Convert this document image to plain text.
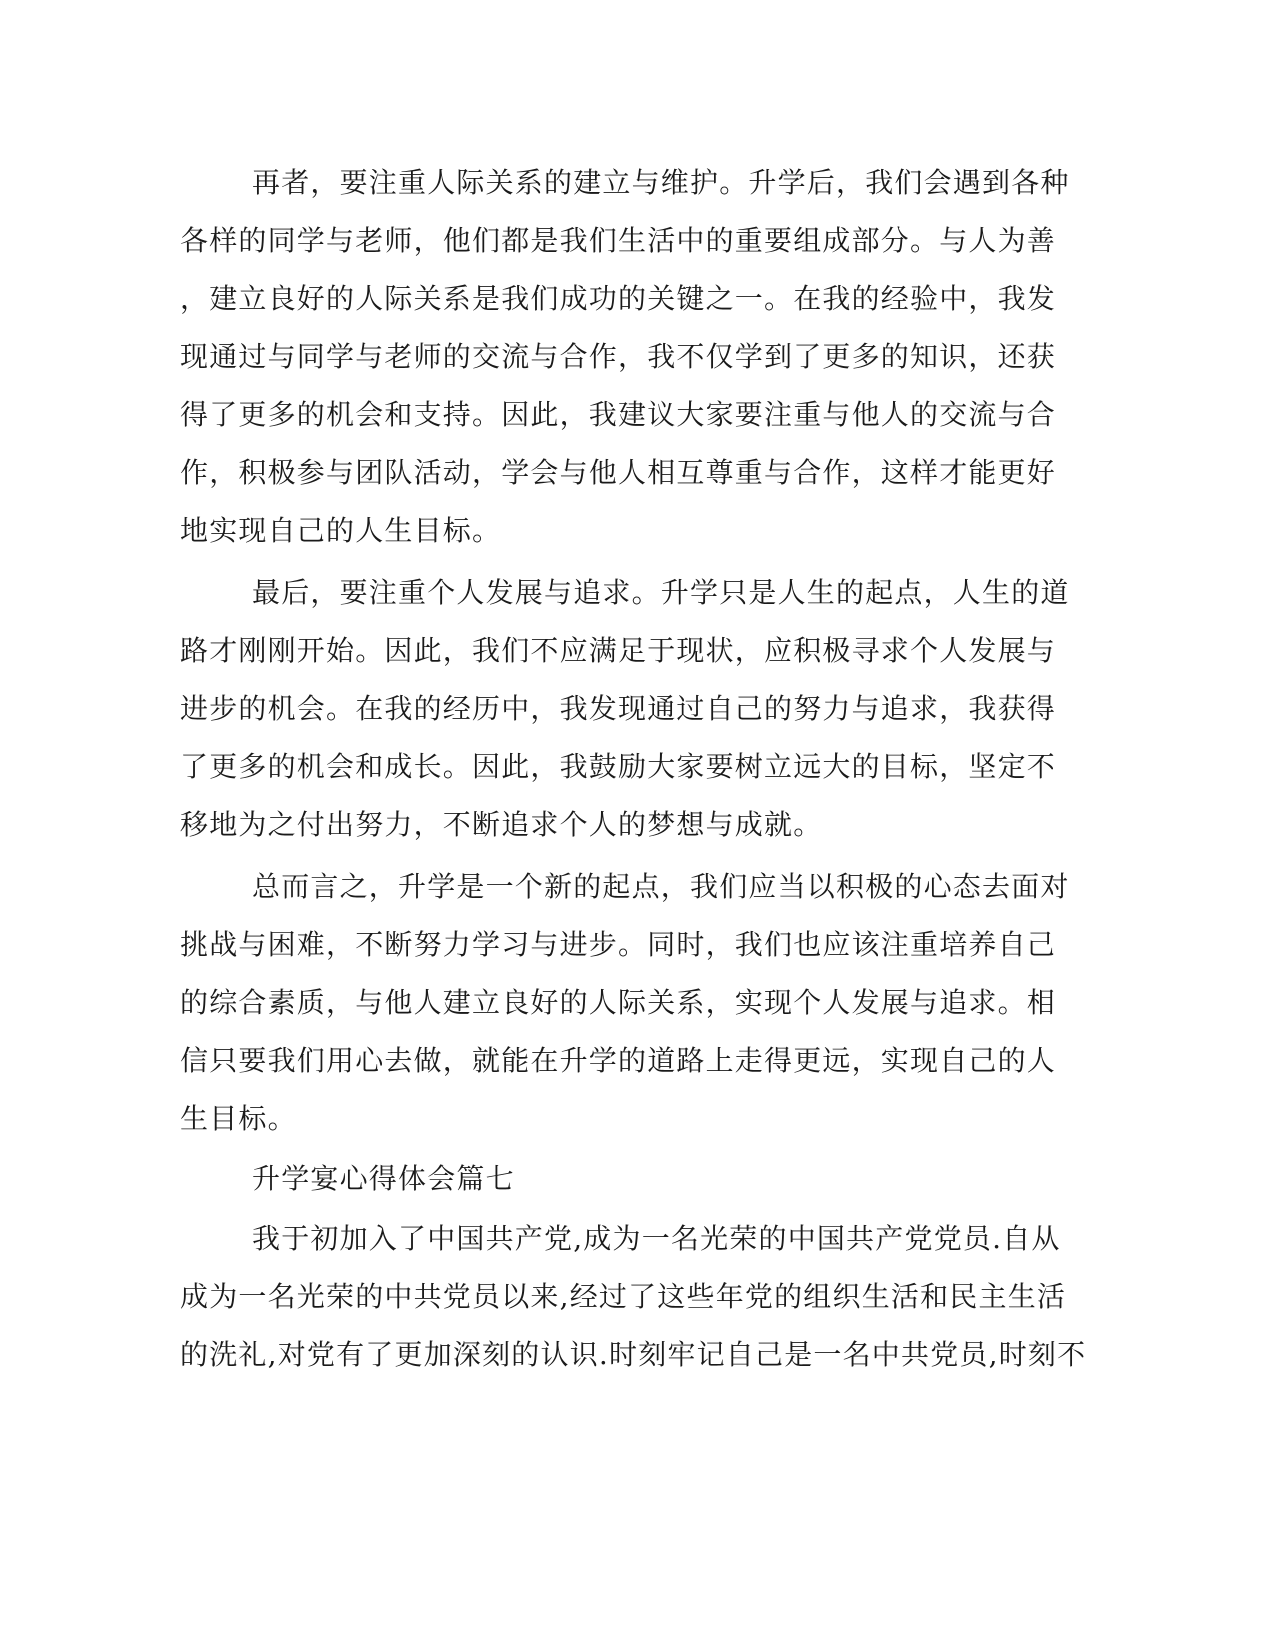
再者，要注重人际关系的建立与维护。升学后，我们会遇到各种
各样的同学与老师，他们都是我们生活中的重要组成部分。与人为善
，建立良好的人际关系是我们成功的关键之一。在我的经验中，我发
现通过与同学与老师的交流与合作，我不仅学到了更多的知识，还获
得了更多的机会和支持。因此，我建议大家要注重与他人的交流与合
作，积极参与团队活动，学会与他人相互尊重与合作，这样才能更好
地实现自己的人生目标。
最后，要注重个人发展与追求。升学只是人生的起点，人生的道
路才刚刚开始。因此，我们不应满足于现状，应积极寻求个人发展与
进步的机会。在我的经历中，我发现通过自己的努力与追求，我获得
了更多的机会和成长。因此，我鼓励大家要树立远大的目标，坚定不
移地为之付出努力，不断追求个人的梦想与成就。
总而言之，升学是一个新的起点，我们应当以积极的心态去面对
挑战与困难，不断努力学习与进步。同时，我们也应该注重培养自己
的综合素质，与他人建立良好的人际关系，实现个人发展与追求。相
信只要我们用心去做，就能在升学的道路上走得更远，实现自己的人
生目标。
升学宴心得体会篇七
我于初加入了中国共产党,成为一名光荣的中国共产党党员.自从
成为一名光荣的中共党员以来,经过了这些年党的组织生活和民主生活
的洗礼,对党有了更加深刻的认识.时刻牢记自己是一名中共党员,时刻不
